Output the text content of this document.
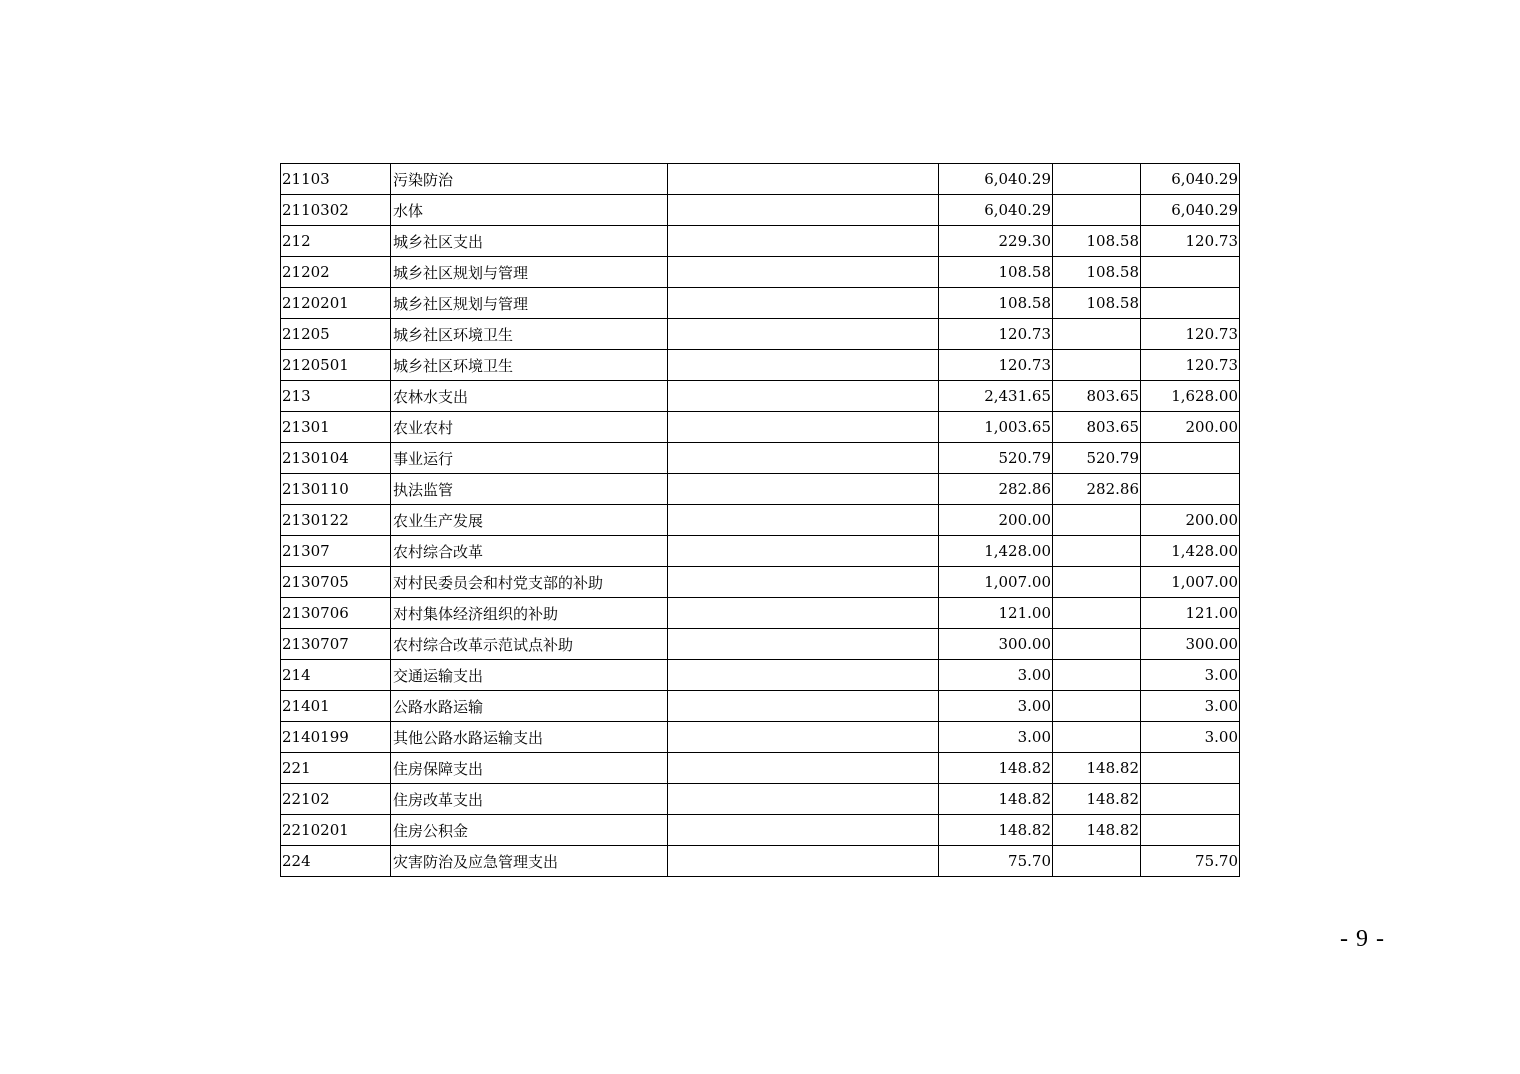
21103	污染防治		6,040.29		6,040.29
2110302	水体		6,040.29		6,040.29
212	城乡社区支出		229.30	108.58	120.73
21202	城乡社区规划与管理		108.58	108.58	
2120201	城乡社区规划与管理		108.58	108.58	
21205	城乡社区环境卫生		120.73		120.73
2120501	城乡社区环境卫生		120.73		120.73
213	农林水支出		2,431.65	803.65	1,628.00
21301	农业农村		1,003.65	803.65	200.00
2130104	事业运行		520.79	520.79	
2130110	执法监管		282.86	282.86	
2130122	农业生产发展		200.00		200.00
21307	农村综合改革		1,428.00		1,428.00
2130705	对村民委员会和村党支部的补助		1,007.00		1,007.00
2130706	对村集体经济组织的补助		121.00		121.00
2130707	农村综合改革示范试点补助		300.00		300.00
214	交通运输支出		3.00		3.00
21401	公路水路运输		3.00		3.00
2140199	其他公路水路运输支出		3.00		3.00
221	住房保障支出		148.82	148.82	
22102	住房改革支出		148.82	148.82	
2210201	住房公积金		148.82	148.82	
224	灾害防治及应急管理支出		75.70		75.70
- 9 -
